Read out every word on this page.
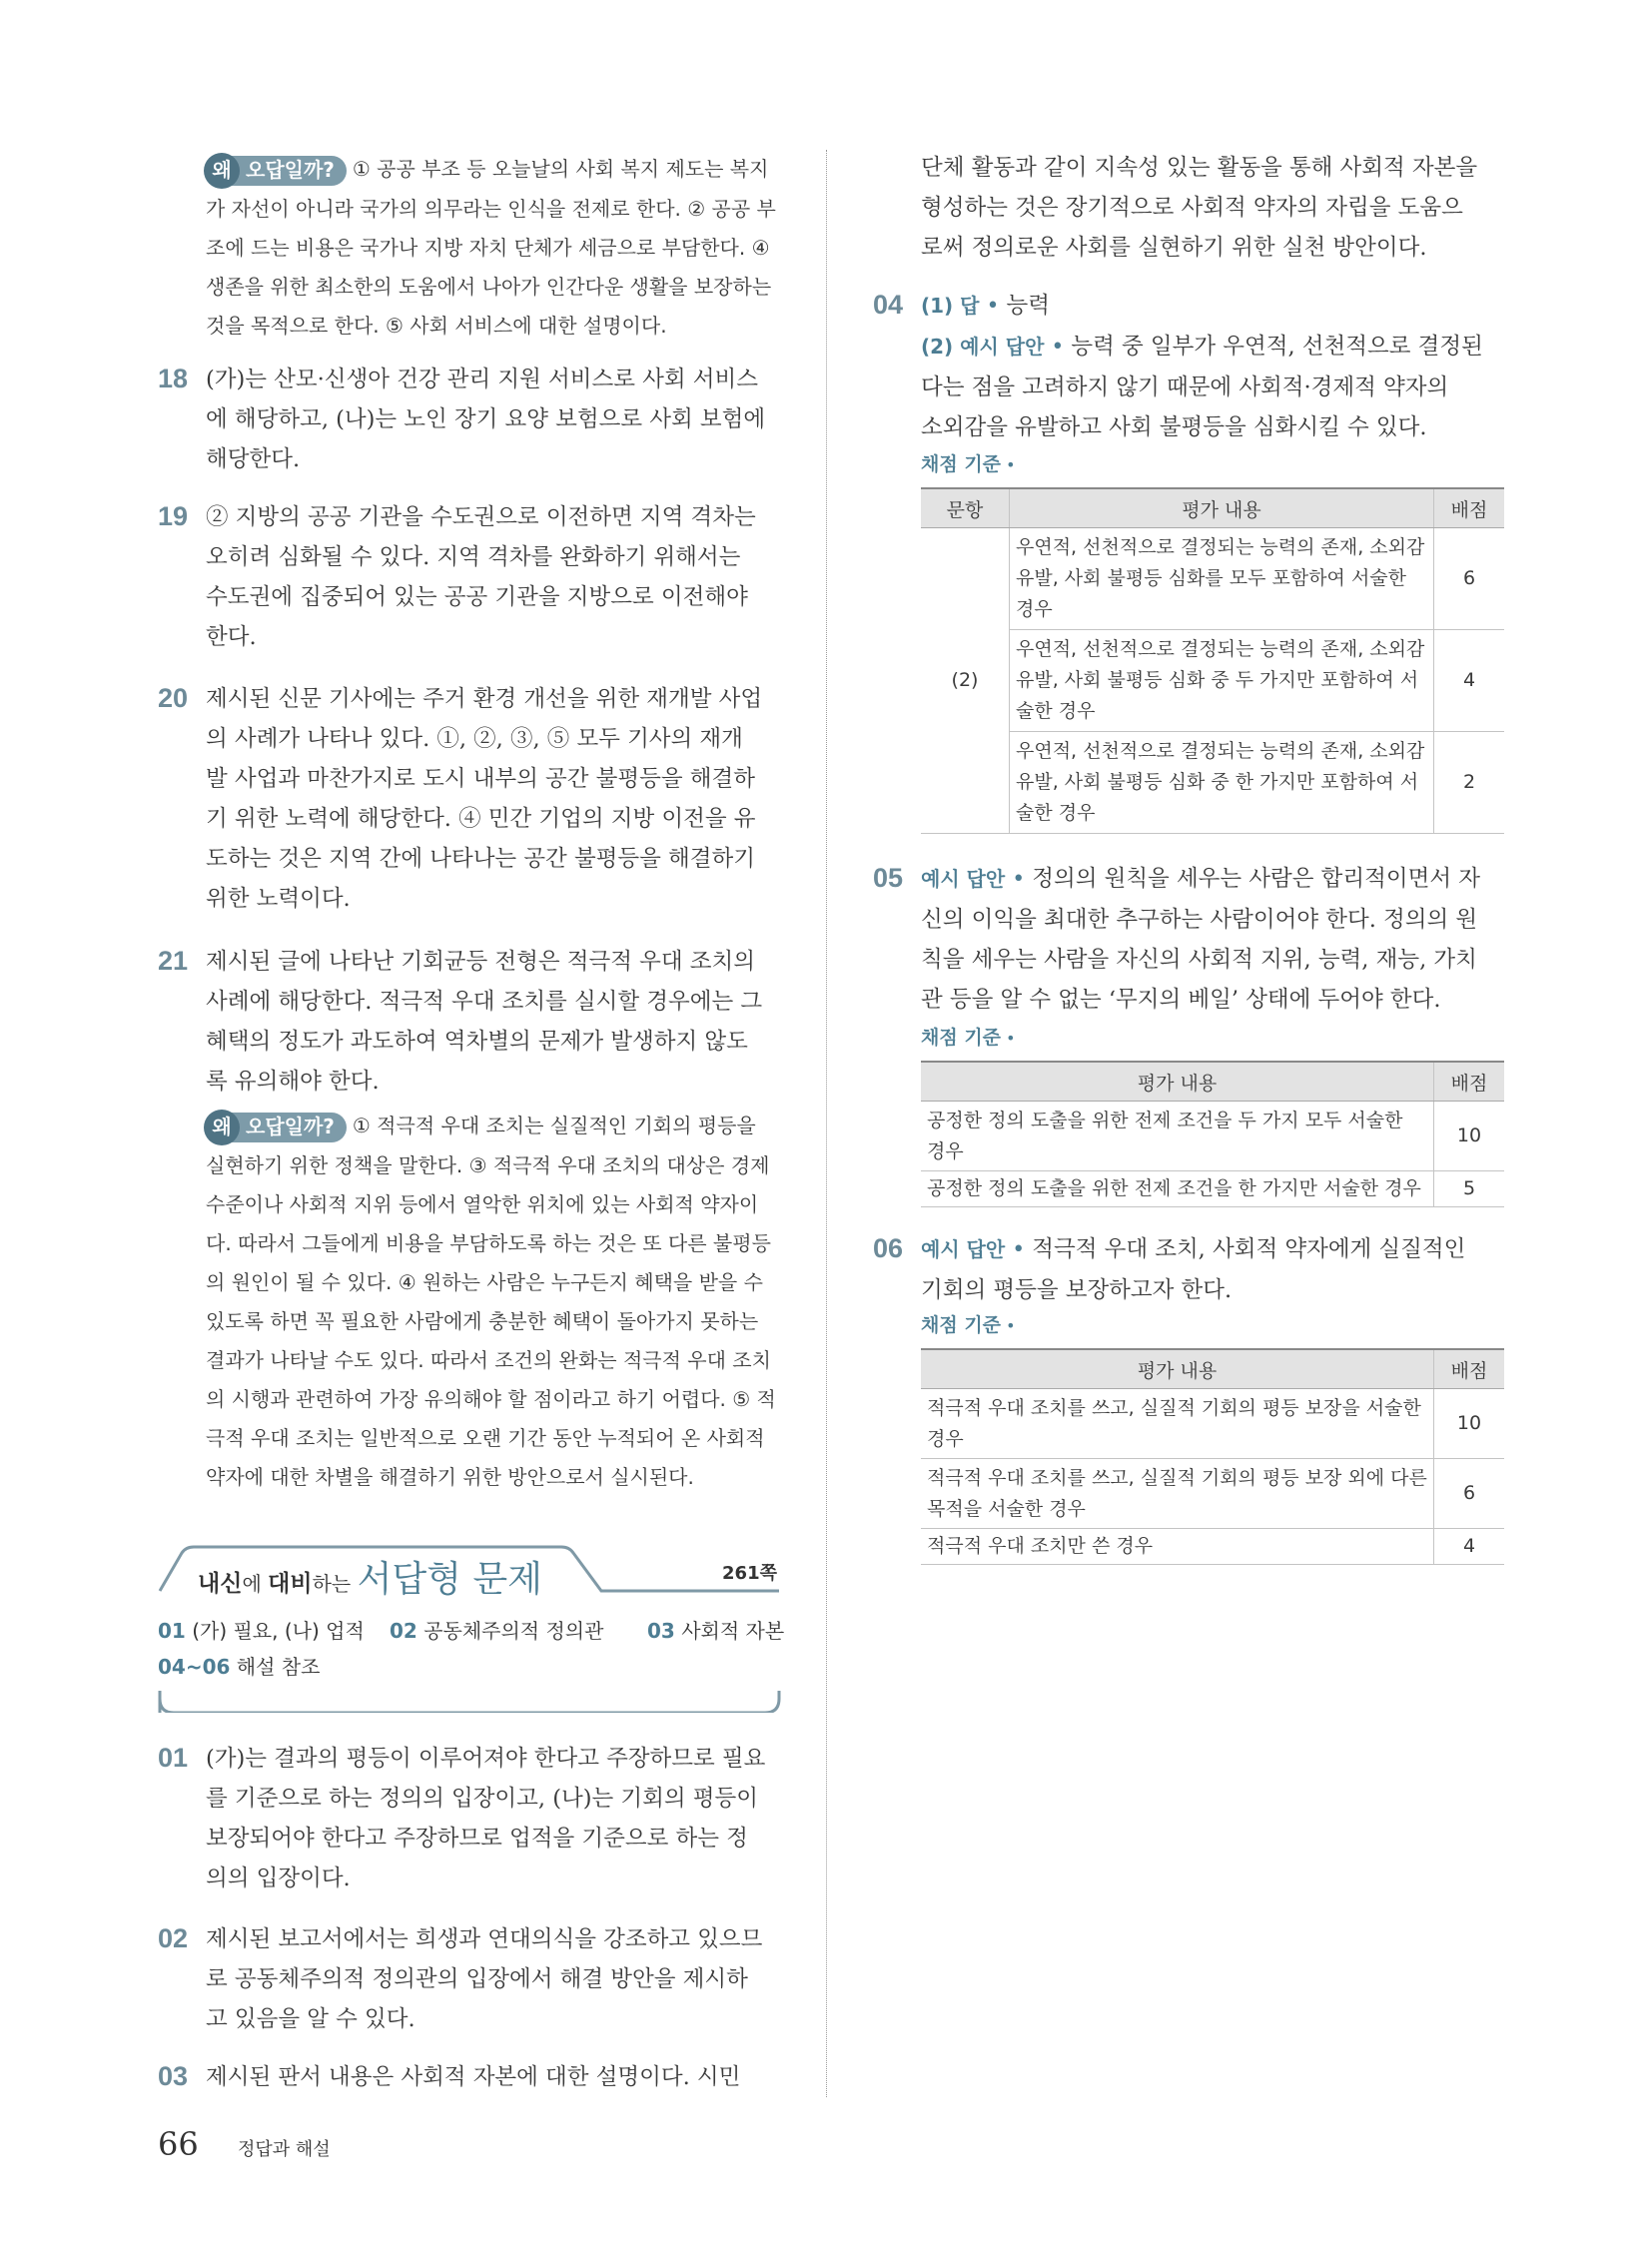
왜 오답일까? ① 공공 부조 등 오늘날의 사회 복지 제도는 복지
가 자선이 아니라 국가의 의무라는 인식을 전제로 한다. ② 공공 부
조에 드는 비용은 국가나 지방 자치 단체가 세금으로 부담한다. ④
생존을 위한 최소한의 도움에서 나아가 인간다운 생활을 보장하는
것을 목적으로 한다. ⑤ 사회 서비스에 대한 설명이다.
18 (가)는 산모·신생아 건강 관리 지원 서비스로 사회 서비스
에 해당하고, (나)는 노인 장기 요양 보험으로 사회 보험에
해당한다.
19 ② 지방의 공공 기관을 수도권으로 이전하면 지역 격차는
오히려 심화될 수 있다. 지역 격차를 완화하기 위해서는
수도권에 집중되어 있는 공공 기관을 지방으로 이전해야
한다.
20 제시된 신문 기사에는 주거 환경 개선을 위한 재개발 사업
의 사례가 나타나 있다. ①, ②, ③, ⑤ 모두 기사의 재개
발 사업과 마찬가지로 도시 내부의 공간 불평등을 해결하
기 위한 노력에 해당한다. ④ 민간 기업의 지방 이전을 유
도하는 것은 지역 간에 나타나는 공간 불평등을 해결하기
위한 노력이다.
21 제시된 글에 나타난 기회균등 전형은 적극적 우대 조치의
사례에 해당한다. 적극적 우대 조치를 실시할 경우에는 그
혜택의 정도가 과도하여 역차별의 문제가 발생하지 않도
록 유의해야 한다.
왜 오답일까? ① 적극적 우대 조치는 실질적인 기회의 평등을
실현하기 위한 정책을 말한다. ③ 적극적 우대 조치의 대상은 경제
수준이나 사회적 지위 등에서 열악한 위치에 있는 사회적 약자이
다. 따라서 그들에게 비용을 부담하도록 하는 것은 또 다른 불평등
의 원인이 될 수 있다. ④ 원하는 사람은 누구든지 혜택을 받을 수
있도록 하면 꼭 필요한 사람에게 충분한 혜택이 돌아가지 못하는
결과가 나타날 수도 있다. 따라서 조건의 완화는 적극적 우대 조치
의 시행과 관련하여 가장 유의해야 할 점이라고 하기 어렵다. ⑤ 적
극적 우대 조치는 일반적으로 오랜 기간 동안 누적되어 온 사회적
약자에 대한 차별을 해결하기 위한 방안으로서 실시된다.
내신에 대비하는 서답형 문제	261쪽
01 (가) 필요, (나) 업적 02 공동체주의적 정의관 03 사회적 자본
04~06 해설 참조
01 (가)는 결과의 평등이 이루어져야 한다고 주장하므로 필요
를 기준으로 하는 정의의 입장이고, (나)는 기회의 평등이
보장되어야 한다고 주장하므로 업적을 기준으로 하는 정
의의 입장이다.
02 제시된 보고서에서는 희생과 연대의식을 강조하고 있으므
로 공동체주의적 정의관의 입장에서 해결 방안을 제시하
고 있음을 알 수 있다.
03 제시된 판서 내용은 사회적 자본에 대한 설명이다. 시민
단체 활동과 같이 지속성 있는 활동을 통해 사회적 자본을
형성하는 것은 장기적으로 사회적 약자의 자립을 도움으
로써 정의로운 사회를 실현하기 위한 실천 방안이다.
04 (1) 답 • 능력
(2) 예시 답안 • 능력 중 일부가 우연적, 선천적으로 결정된
다는 점을 고려하지 않기 때문에 사회적·경제적 약자의
소외감을 유발하고 사회 불평등을 심화시킬 수 있다.
채점 기준 •
문항	평가 내용	배점
(2)	우연적, 선천적으로 결정되는 능력의 존재, 소외감
유발, 사회 불평등 심화를 모두 포함하여 서술한
경우	6

	우연적, 선천적으로 결정되는 능력의 존재, 소외감
유발, 사회 불평등 심화 중 두 가지만 포함하여 서
술한 경우	4

	우연적, 선천적으로 결정되는 능력의 존재, 소외감
유발, 사회 불평등 심화 중 한 가지만 포함하여 서
술한 경우	2
05 예시 답안 • 정의의 원칙을 세우는 사람은 합리적이면서 자
신의 이익을 최대한 추구하는 사람이어야 한다. 정의의 원
칙을 세우는 사람을 자신의 사회적 지위, 능력, 재능, 가치
관 등을 알 수 없는 ‘무지의 베일’ 상태에 두어야 한다.
채점 기준 •
평가 내용	배점

공정한 정의 도출을 위한 전제 조건을 두 가지 모두 서술한
경우	10

공정한 정의 도출을 위한 전제 조건을 한 가지만 서술한 경우	5
06 예시 답안 • 적극적 우대 조치, 사회적 약자에게 실질적인
기회의 평등을 보장하고자 한다.
채점 기준 •
평가 내용	배점

적극적 우대 조치를 쓰고, 실질적 기회의 평등 보장을 서술한
경우	10

적극적 우대 조치를 쓰고, 실질적 기회의 평등 보장 외에 다른
목적을 서술한 경우	6

적극적 우대 조치만 쓴 경우	4
66 정답과 해설
